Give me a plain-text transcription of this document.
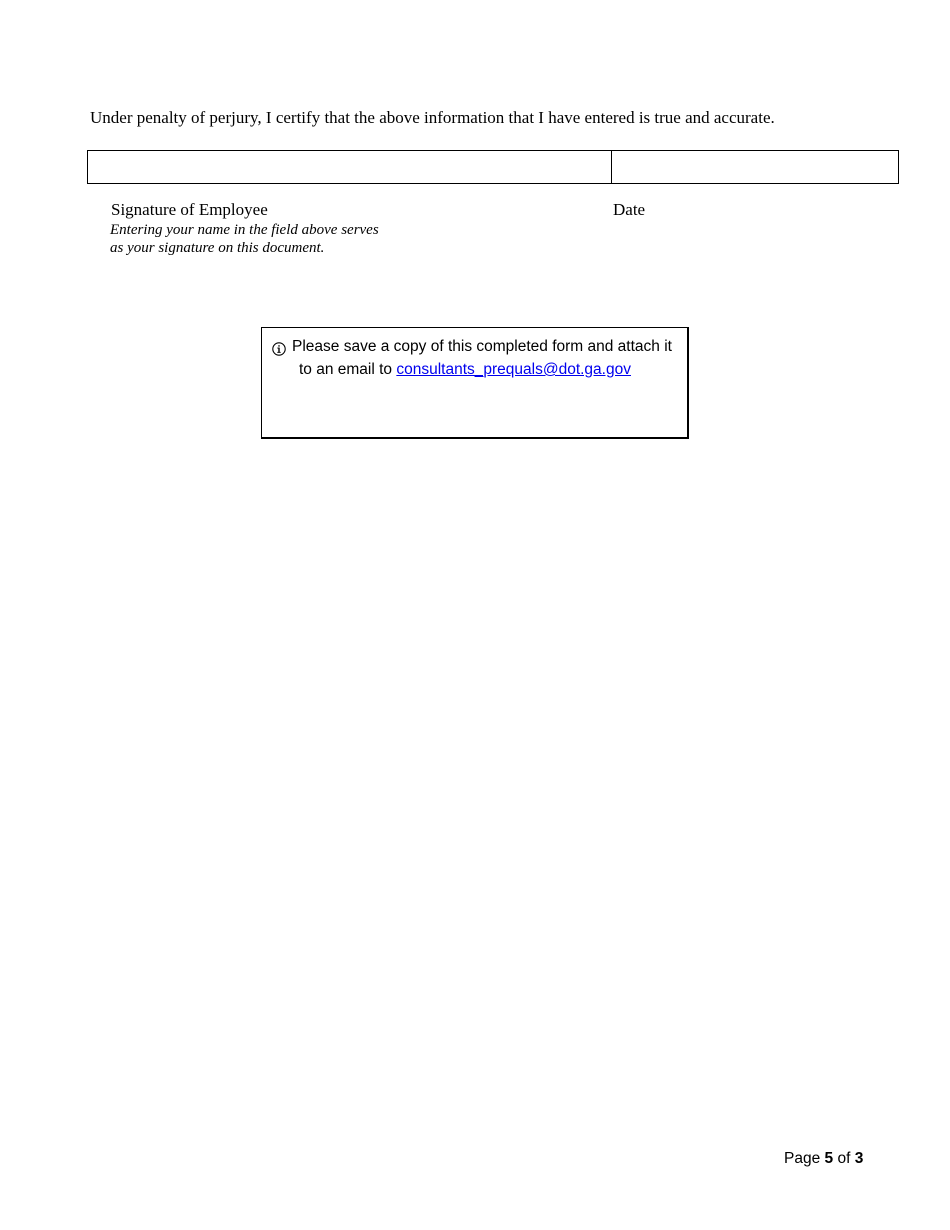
Under penalty of perjury, I certify that the above information that I have entered is true and accurate.
Signature of Employee
Entering your name in the field above serves
as your signature on this document.
Date
Please save a copy of this completed form and attach it
to an email to consultants_prequals@dot.ga.gov
Page 5 of 3
